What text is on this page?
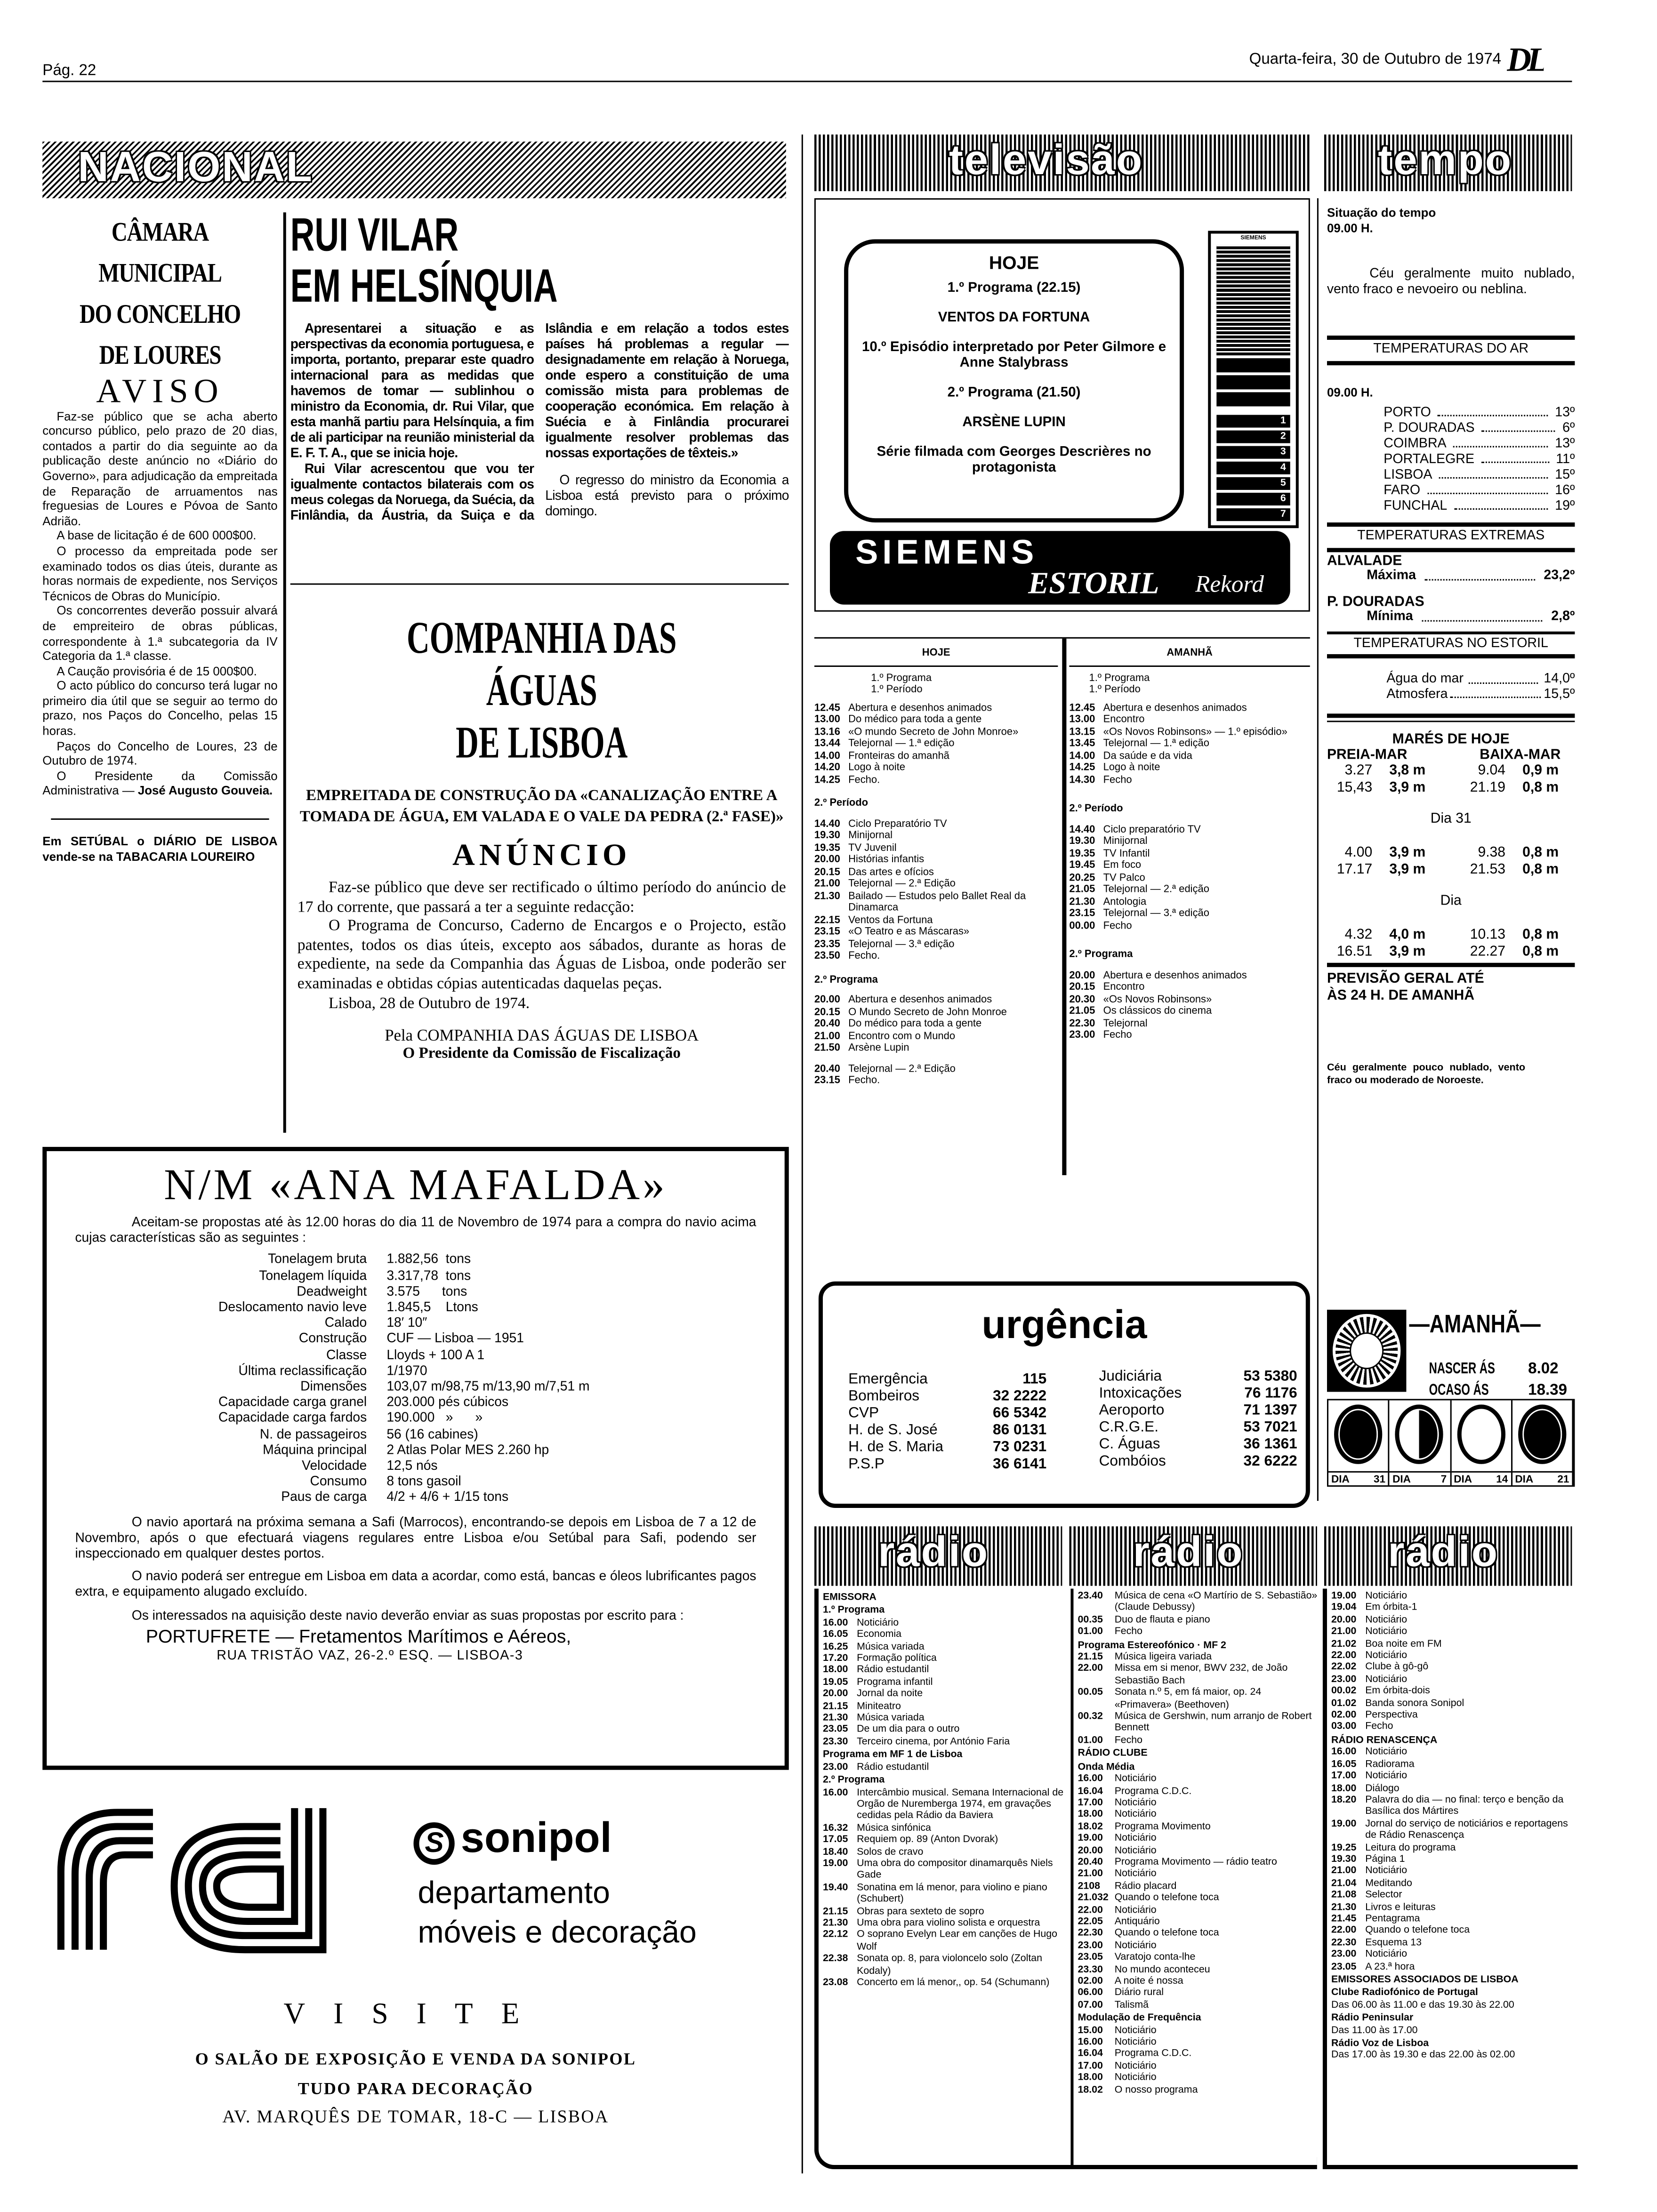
Pág. 22
Quarta-feira, 30 de Outubro de 1974 DL
NACIONAL
CÂMARA MUNICIPAL
DO CONCELHO
DE LOURES
AVISO

Faz-se público que se acha aberto concurso público, pelo prazo de 20 dias, contados a partir do dia seguinte ao da publicação deste anúncio no «Diário do Governo», para adjudicação da empreitada de Reparação de arruamentos nas freguesias de Loures e Póvoa de Santo Adrião.

A base de licitação é de 600 000$00.

O processo da empreitada pode ser examinado todos os dias úteis, durante as horas normais de expediente, nos Serviços Técnicos de Obras do Município.

Os concorrentes deverão possuir alvará de empreiteiro de obras públicas, correspondente à 1.ª subcategoria da IV Categoria da 1.ª classe.

A Caução provisória é de 15 000$00.

O acto público do concurso terá lugar no primeiro dia útil que se seguir ao termo do prazo, nos Paços do Concelho, pelas 15 horas.

Paços do Concelho de Loures, 23 de Outubro de 1974.

O Presidente da Comissão Administrativa — José Augusto Gouveia.

Em SETÚBAL o DIÁRIO DE LISBOA vende-se na TABACARIA LOUREIRO
RUI VILAR
EM HELSÍNQUIA

Apresentarei a situação e as perspectivas da economia portuguesa, e importa, portanto, preparar este quadro internacional para as medidas que havemos de tomar — sublinhou o ministro da Economia, dr. Rui Vilar, que esta manhã partiu para Helsínquia, a fim de ali participar na reunião ministerial da E. F. T. A., que se inicia hoje.

Rui Vilar acrescentou que vou ter igualmente contactos bilaterais com os meus colegas da Noruega, da Suécia, da Finlândia, da Áustria, da Suiça e da Islândia e em relação a todos estes países há problemas a regular — designadamente em relação à Noruega, onde espero a constituição de uma comissão mista para problemas de cooperação económica. Em relação à Suécia e à Finlândia procurarei igualmente resolver problemas das nossas exportações de têxteis.»

O regresso do ministro da Economia a Lisboa está previsto para o próximo domingo.

COMPANHIA DAS ÁGUAS
DE LISBOA
EMPREITADA DE CONSTRUÇÃO DA «CANALIZAÇÃO ENTRE A TOMADA DE ÁGUA, EM VALADA E O VALE DA PEDRA (2.ª FASE)»
ANÚNCIO

Faz-se público que deve ser rectificado o último período do anúncio de 17 do corrente, que passará a ter a seguinte redacção:

O Programa de Concurso, Caderno de Encargos e o Projecto, estão patentes, todos os dias úteis, excepto aos sábados, durante as horas de expediente, na sede da Companhia das Águas de Lisboa, onde poderão ser examinadas e obtidas cópias autenticadas daquelas peças.

Lisboa, 28 de Outubro de 1974.

Pela COMPANHIA DAS ÁGUAS DE LISBOA
O Presidente da Comissão de Fiscalização
N/M «ANA MAFALDA»

Aceitam-se propostas até às 12.00 horas do dia 11 de Novembro de 1974 para a compra do navio acima cujas características são as seguintes :

Tonelagem bruta	1.882,56  tons
Tonelagem líquida	3.317,78  tons
Deadweight	3.575      tons
Deslocamento navio leve	1.845,5    Ltons
Calado	18′ 10″
Construção	CUF — Lisboa — 1951
Classe	Lloyds + 100 A 1
Última reclassificação	1/1970
Dimensões	103,07 m/98,75 m/13,90 m/7,51 m
Capacidade carga granel	203.000 pés cúbicos
Capacidade carga fardos	190.000   »      »
N. de passageiros	56 (16 cabines)
Máquina principal	2 Atlas Polar MES 2.260 hp
Velocidade	12,5 nós
Consumo	8 tons gasoil
Paus de carga	4/2 + 4/6 + 1/15 tons

O navio aportará na próxima semana a Safi (Marrocos), encontrando-se depois em Lisboa de 7 a 12 de Novembro, após o que efectuará viagens regulares entre Lisboa e/ou Setúbal para Safi, podendo ser inspeccionado em qualquer destes portos.

O navio poderá ser entregue em Lisboa em data a acordar, como está, bancas e óleos lubrificantes pagos extra, e equipamento alugado excluído.

Os interessados na aquisição deste navio deverão enviar as suas propostas por escrito para :

PORTUFRETE — Fretamentos Marítimos e Aéreos,
RUA TRISTÃO VAZ, 26-2.º ESQ. — LISBOA-3
S sonipol
departamento
móveis e decoração
VISITE
O SALÃO DE EXPOSIÇÃO E VENDA DA SONIPOL
TUDO PARA DECORAÇÃO
AV. MARQUÊS DE TOMAR, 18-C — LISBOA
televisão	tempo
HOJE
1.º Programa (22.15)
VENTOS DA FORTUNA
10.º Episódio interpretado por Peter Gilmore e Anne Stalybrass
2.º Programa (21.50)
ARSÈNE LUPIN
Série filmada com Georges Descrières no protagonista
SIEMENS
1
2
3
4
5
6
7
SIEMENS
ESTORIL	Rekord
HOJE
1.º Programa
1.º Período
12.45	Abertura e desenhos animados
13.00	Do médico para toda a gente
13.16	«O mundo Secreto de John Monroe»
13.44	Telejornal — 1.ª edição
14.00	Fronteiras do amanhã
14.20	Logo à noite
14.25	Fecho.
2.º Período
14.40	Ciclo Preparatório TV
19.30	Minijornal
19.35	TV Juvenil
20.00	Histórias infantis
20.15	Das artes e ofícios
21.00	Telejornal — 2.ª Edição
21.30	Bailado — Estudos pelo Ballet Real da Dinamarca
22.15	Ventos da Fortuna
23.15	«O Teatro e as Máscaras»
23.35	Telejornal — 3.ª edição
23.50	Fecho.
2.º Programa
20.00	Abertura e desenhos animados
20.15	O Mundo Secreto de John Monroe
20.40	Do médico para toda a gente
21.00	Encontro com o Mundo
21.50	Arsène Lupin
20.40	Telejornal — 2.ª Edição
23.15	Fecho.
AMANHÃ
1.º Programa
1.º Período
12.45	Abertura e desenhos animados
13.00	Encontro
13.15	«Os Novos Robinsons» — 1.º episódio»
13.45	Telejornal — 1.ª edição
14.00	Da saúde e da vida
14.25	Logo à noite
14.30	Fecho
2.º Período
14.40	Ciclo preparatório TV
19.30	Minijornal
19.35	TV Infantil
19.45	Em foco
20.25	TV Palco
21.05	Telejornal — 2.ª edição
21.30	Antologia
23.15	Telejornal — 3.ª edição
00.00	Fecho
2.º Programa
20.00	Abertura e desenhos animados
20.15	Encontro
20.30	«Os Novos Robinsons»
21.05	Os clássicos do cinema
22.30	Telejornal
23.00	Fecho
urgência
Emergência	115
Bombeiros	32 2222
CVP	66 5342
H. de S. José	86 0131
H. de S. Maria	73 0231
P.S.P	36 6141
Judiciária	53 5380
Intoxicações	76 1176
Aeroporto	71 1397
C.R.G.E.	53 7021
C. Águas	36 1361
Combóios	32 6222
Situação do tempo
09.00 H.

Céu geralmente muito nublado, vento fraco e nevoeiro ou neblina.

TEMPERATURAS DO AR
09.00 H.
PORTO	13º
P. DOURADAS	6º
COIMBRA	13º
PORTALEGRE	11º
LISBOA	15º
FARO	16º
FUNCHAL	19º
TEMPERATURAS EXTREMAS
ALVALADE
Máxima	23,2º
P. DOURADAS
Mínima	2,8º
TEMPERATURAS NO ESTORIL
Água do mar	14,0º
Atmosfera	15,5º
MARÉS DE HOJE
PREIA-MAR	BAIXA-MAR
3.27	3,8 m	9.04	0,9 m
15,43	3,9 m	21.19	0,8 m
Dia 31
4.00	3,9 m	9.38	0,8 m
17.17	3,9 m	21.53	0,8 m
Dia
4.32	4,0 m	10.13	0,8 m
16.51	3,9 m	22.27	0,8 m
PREVISÃO GERAL ATÉ ÀS 24 H. DE AMANHÃ

Céu geralmente pouco nublado, vento fraco ou moderado de Noroeste.

—AMANHÃ—
NASCER ÁS	8.02
OCASO ÁS	18.39
DIA	31 DIA	7 DIA	14 DIA	21
rádio	rádio	rádio
EMISSORA
1.º Programa
16.00	Noticiário
16.05	Economia
16.25	Música variada
17.20	Formação política
18.00	Rádio estudantil
19.05	Programa infantil
20.00	Jornal da noite
21.15	Miniteatro
21.30	Música variada
23.05	De um dia para o outro
23.30	Terceiro cinema, por António Faria
Programa em MF 1 de Lisboa
23.00	Rádio estudantil
2.º Programa
16.00	Intercâmbio musical. Semana Internacional de Orgão de Nuremberga 1974, em gravações cedidas pela Rádio da Baviera
16.32	Música sinfónica
17.05	Requiem op. 89 (Anton Dvorak)
18.40	Solos de cravo
19.00	Uma obra do compositor dinamarquês Niels Gade
19.40	Sonatina em lá menor, para violino e piano (Schubert)
21.15	Obras para sexteto de sopro
21.30	Uma obra para violino solista e orquestra
22.12	O soprano Evelyn Lear em canções de Hugo Wolf
22.38	Sonata op. 8, para violoncelo solo (Zoltan Kodaly)
23.08	Concerto em lá menor,, op. 54 (Schumann)
23.40	Música de cena «O Martírio de S. Sebastião» (Claude Debussy)
00.35	Duo de flauta e piano
01.00	Fecho
Programa Estereofónico · MF 2
21.15	Música ligeira variada
22.00	Missa em si menor, BWV 232, de João Sebastião Bach
00.05	Sonata n.º 5, em fá maior, op. 24 «Primavera» (Beethoven)
00.32	Música de Gershwin, num arranjo de Robert Bennett
01.00	Fecho
RÁDIO CLUBE
Onda Média
16.00	Noticiário
16.04	Programa C.D.C.
17.00	Noticiário
18.00	Noticiário
18.02	Programa Movimento
19.00	Noticiário
20.00	Noticiário
20.40	Programa Movimento — rádio teatro
21.00	Noticiário
2108	Rádio placard
21.032	Quando o telefone toca
22.00	Noticiário
22.05	Antiquário
22.30	Quando o telefone toca
23.00	Noticiário
23.05	Varatojo conta-lhe
23.30	No mundo aconteceu
02.00	A noite é nossa
06.00	Diário rural
07.00	Talismã
Modulação de Frequência
15.00	Noticiário
16.00	Noticiário
16.04	Programa C.D.C.
17.00	Noticiário
18.00	Noticiário
18.02	O nosso programa
19.00	Noticiário
19.04	Em órbita-1
20.00	Noticiário
21.00	Noticiário
21.02	Boa noite em FM
22.00	Noticiário
22.02	Clube à gô-gô
23.00	Noticiário
00.02	Em órbita-dois
01.02	Banda sonora Sonipol
02.00	Perspectiva
03.00	Fecho
RÁDIO RENASCENÇA
16.00	Noticiário
16.05	Radiorama
17.00	Noticiário
18.00	Diálogo
18.20	Palavra do dia — no final: terço e benção da Basílica dos Mártires
19.00	Jornal do serviço de noticiários e reportagens de Rádio Renascença
19.25	Leitura do programa
19.30	Página 1
21.00	Noticiário
21.04	Meditando
21.08	Selector
21.30	Livros e leituras
21.45	Pentagrama
22.00	Quando o telefone toca
22.30	Esquema 13
23.00	Noticiário
23.05	A 23.ª hora
EMISSORES ASSOCIADOS DE LISBOA
Clube Radiofónico de Portugal
Das 06.00 às 11.00 e das 19.30 às 22.00
Rádio Peninsular
Das 11.00 às 17.00
Rádio Voz de Lisboa
Das 17.00 às 19.30 e das 22.00 às 02.00
